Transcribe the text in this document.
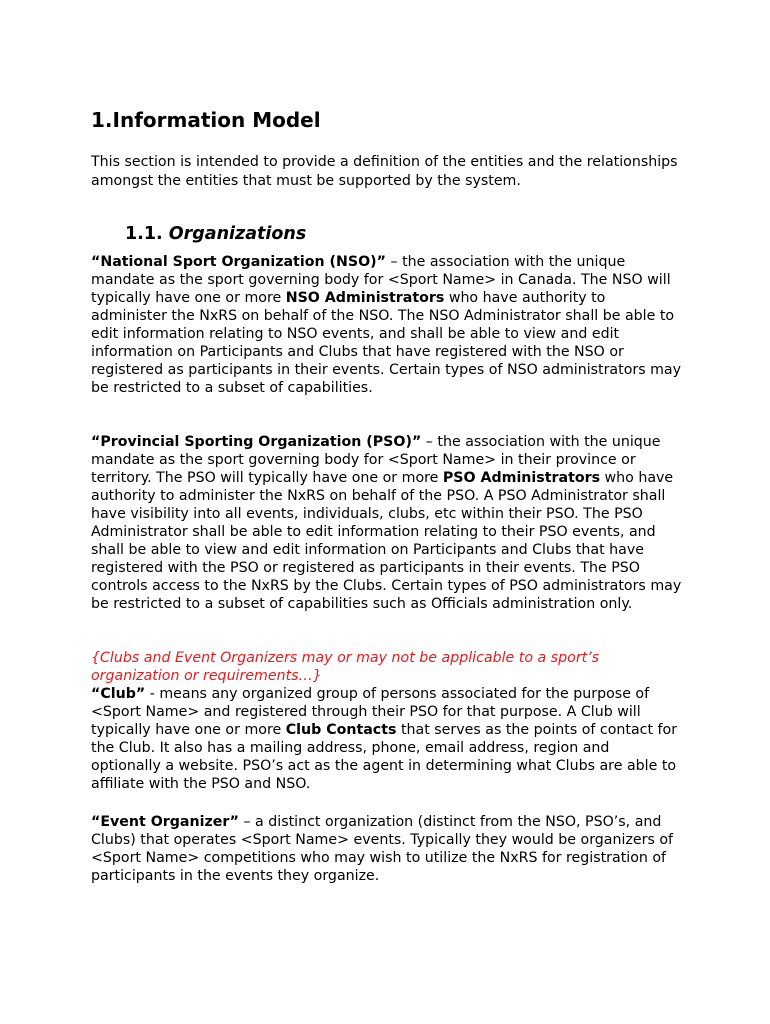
1.Information Model

This section is intended to provide a definition of the entities and the relationships amongst the entities that must be supported by the system.

1.1. Organizations

“National Sport Organization (NSO)” – the association with the unique mandate as the sport governing body for <Sport Name> in Canada. The NSO will typically have one or more NSO Administrators who have authority to administer the NxRS on behalf of the NSO. The NSO Administrator shall be able to edit information relating to NSO events, and shall be able to view and edit information on Participants and Clubs that have registered with the NSO or registered as participants in their events. Certain types of NSO administrators may be restricted to a subset of capabilities.

“Provincial Sporting Organization (PSO)” – the association with the unique mandate as the sport governing body for <Sport Name> in their province or territory. The PSO will typically have one or more PSO Administrators who have authority to administer the NxRS on behalf of the PSO. A PSO Administrator shall have visibility into all events, individuals, clubs, etc within their PSO. The PSO Administrator shall be able to edit information relating to their PSO events, and shall be able to view and edit information on Participants and Clubs that have registered with the PSO or registered as participants in their events. The PSO controls access to the NxRS by the Clubs. Certain types of PSO administrators may be restricted to a subset of capabilities such as Officials administration only.

{Clubs and Event Organizers may or may not be applicable to a sport’s organization or requirements…}
“Club” - means any organized group of persons associated for the purpose of <Sport Name> and registered through their PSO for that purpose. A Club will typically have one or more Club Contacts that serves as the points of contact for the Club. It also has a mailing address, phone, email address, region and optionally a website. PSO’s act as the agent in determining what Clubs are able to affiliate with the PSO and NSO.

“Event Organizer” – a distinct organization (distinct from the NSO, PSO’s, and Clubs) that operates <Sport Name> events. Typically they would be organizers of <Sport Name> competitions who may wish to utilize the NxRS for registration of participants in the events they organize.
